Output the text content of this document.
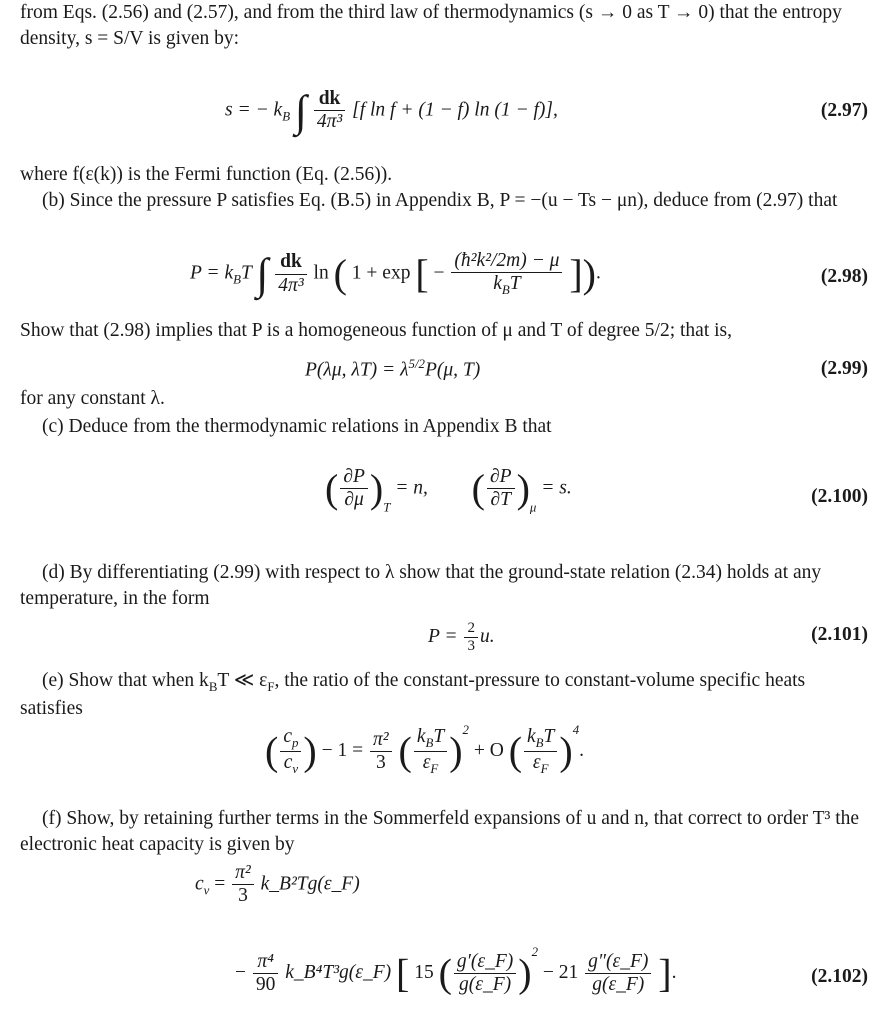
from Eqs. (2.56) and (2.57), and from the third law of thermodynamics (s → 0 as T → 0) that the entropy density, s = S/V is given by:

s = − $k_B$ ∫ $\frac{dk}{\text{4π³}} [f$ ln f + (1 − f) ln (1 − f)],	(2.97)

where f(ε(k)) is the Fermi function (Eq. (2.56)).

(b) Since the pressure P satisfies Eq. (B.5) in Appendix B, P = −(u − Ts − μn), deduce from (2.97) that

$P = k_BT$ ∫ $\frac{dk}{\text{4π³}}$ ln ( 1 + exp [ − $\frac{\text{(ħ²k²/2m) − μ}}{k_BT}$ ]).	(2.98)

Show that (2.98) implies that P is a homogeneous function of μ and T of degree 5/2; that is,

P(λμ, $\lambda T) = \lambda^{5/2}P(\mu$, T)	(2.99)

for any constant λ.

(c) Deduce from the thermodynamic relations in Appendix B that

( $\frac{\partial P}{\partial\mu} )_T = n$, ( $\frac{\partial P}{\partial T} )_\mu = s$.	(2.100)

(d) By differentiating (2.99) with respect to λ show that the ground-state relation (2.34) holds at any temperature, in the form

$P = \frac{2}{3} u$.	(2.101)

(e) Show that when $k_BT$ ≪ $\varepsilon_F$, the ratio of the constant-pressure to constant-volume specific heats satisfies

( $\frac{c_p}{c_v}$ ) − $1 = \frac{\text{π²}}{3}$ ( $\frac{k_BT}{\varepsilon_F} )^2 + O$ ( $\frac{k_BT}{\varepsilon_F} )^4$.

(f) Show, by retaining further terms in the Sommerfeld expansions of u and n, that correct to order T³ the electronic heat capacity is given by

$c_v = \frac{\text{π²}}{3}$ k_B²Tg(ε_F)
− $\frac{\text{π⁴}}{90}$ k_B⁴T³g(ε_F) [ 15 ( $\frac{g'(\varepsilon\_F)}{g(\varepsilon\_F)} )^2 - 21 \frac{g''(\varepsilon\_F)}{g(\varepsilon\_F)}$ ].	(2.102)
